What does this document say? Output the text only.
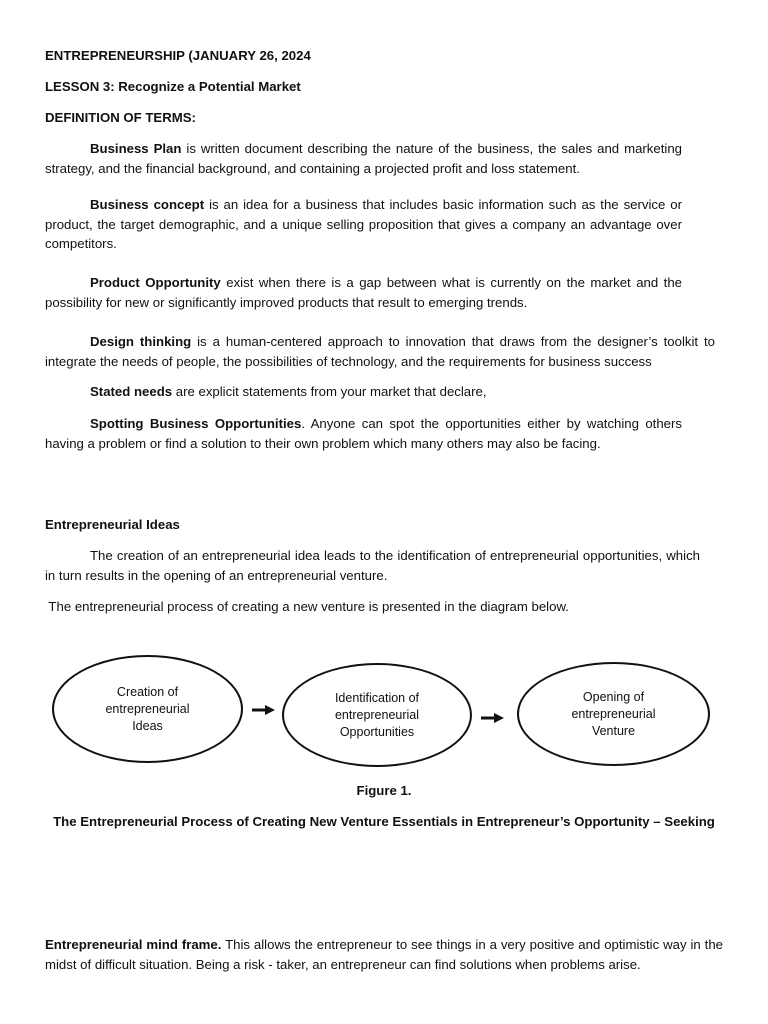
ENTREPRENEURSHIP (JANUARY 26, 2024
LESSON 3: Recognize a Potential Market
DEFINITION OF TERMS:
Business Plan is written document describing the nature of the business, the sales and marketing strategy, and the financial background, and containing a projected profit and loss statement.
Business concept is an idea for a business that includes basic information such as the service or product, the target demographic, and a unique selling proposition that gives a company an advantage over competitors.
Product Opportunity exist when there is a gap between what is currently on the market and the possibility for new or significantly improved products that result to emerging trends.
Design thinking is a human-centered approach to innovation that draws from the designer’s toolkit to integrate the needs of people, the possibilities of technology, and the requirements for business success
Stated needs are explicit statements from your market that declare,
Spotting Business Opportunities. Anyone can spot the opportunities either by watching others having a problem or find a solution to their own problem which many others may also be facing.
Entrepreneurial Ideas
The creation of an entrepreneurial idea leads to the identification of entrepreneurial opportunities, which in turn results in the opening of an entrepreneurial venture.
The entrepreneurial process of creating a new venture is presented in the diagram below.
Creation of entrepreneurial Ideas
Identification of entrepreneurial Opportunities
Opening of entrepreneurial Venture
Figure 1.
The Entrepreneurial Process of Creating New Venture Essentials in Entrepreneur’s Opportunity – Seeking
Entrepreneurial mind frame. This allows the entrepreneur to see things in a very positive and optimistic way in the midst of difficult situation. Being a risk - taker, an entrepreneur can find solutions when problems arise.
